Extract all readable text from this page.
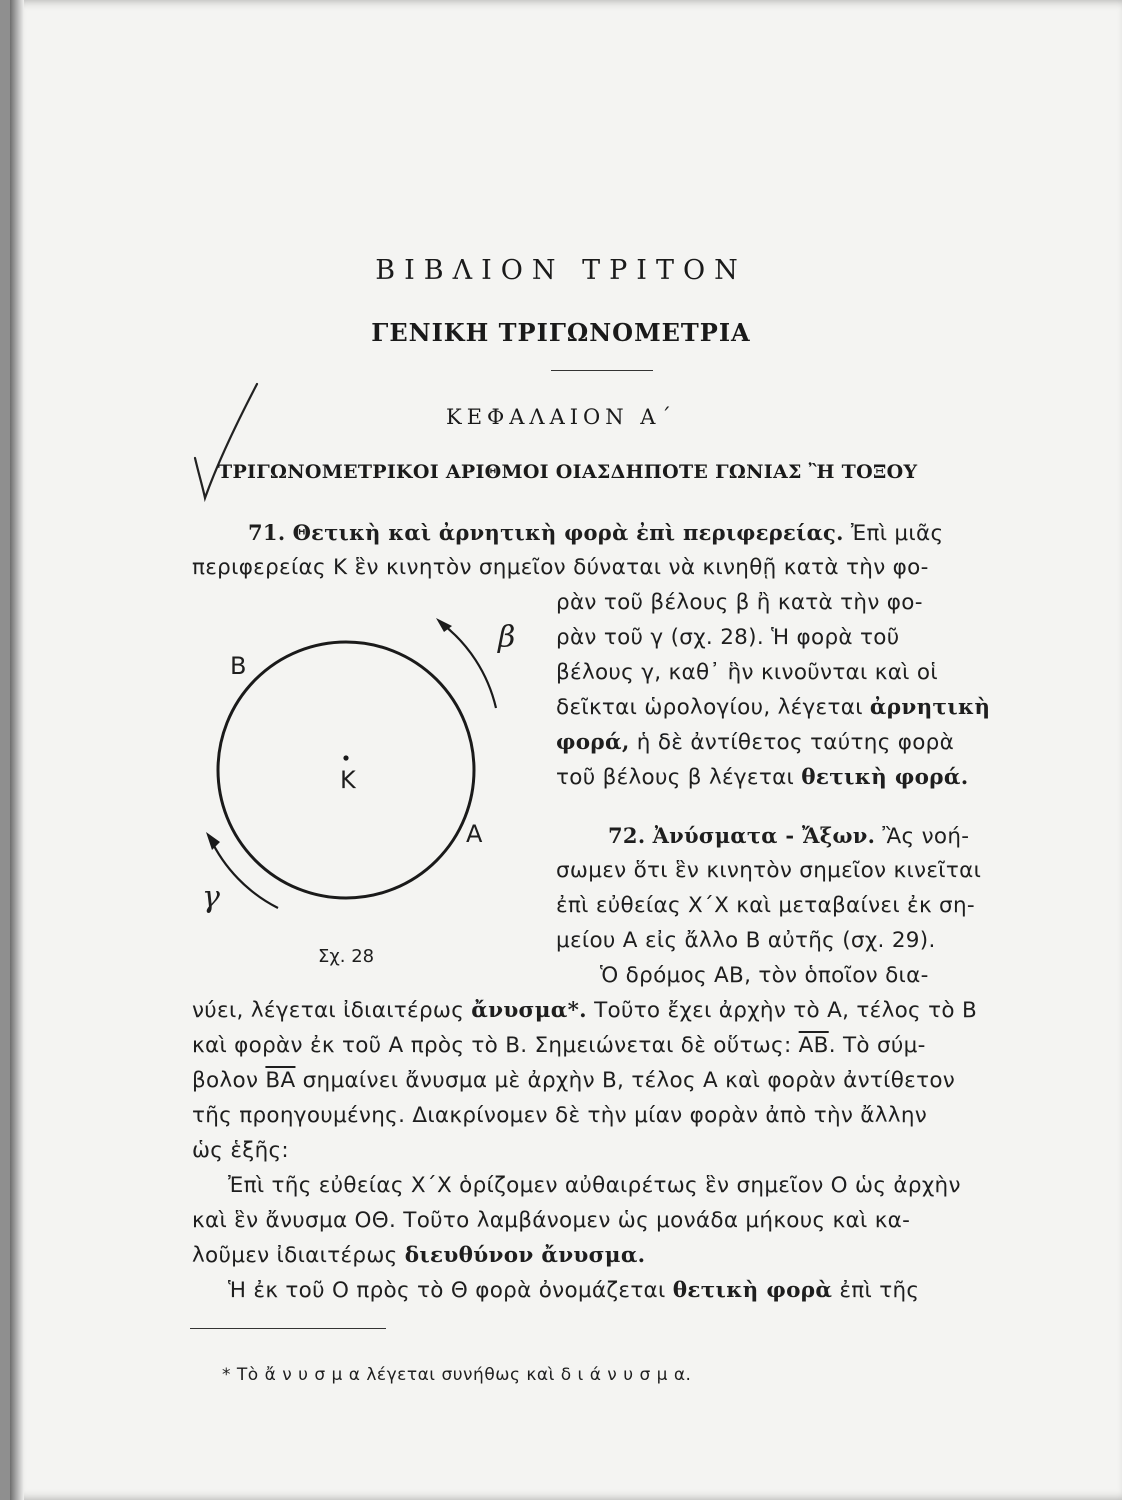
ΒΙΒΛΙΟΝ ΤΡΙΤΟΝ
ΓΕΝΙΚΗ ΤΡΙΓΩΝΟΜΕΤΡΙΑ
ΚΕΦΑΛΑΙΟΝ Α΄
ΤΡΙΓΩΝΟΜΕΤΡΙΚΟΙ ΑΡΙΘΜΟΙ ΟΙΑΣΔΗΠΟΤΕ ΓΩΝΙΑΣ Ἢ ΤΟΞΟΥ

71. Θετικὴ καὶ ἀρνητικὴ φορὰ ἐπὶ περιφερείας. Ἐπὶ μιᾶς

περιφερείας Κ ἓν κινητὸν σημεῖον δύναται νὰ κινηθῇ κατὰ τὴν φο-

ρὰν τοῦ βέλους β ἢ κατὰ τὴν φο-

ρὰν τοῦ γ (σχ. 28). Ἡ φορὰ τοῦ

βέλους γ, καθ᾿ ἣν κινοῦνται καὶ οἱ

δεῖκται ὡρολογίου, λέγεται ἀρνητικὴ

φορά, ἡ δὲ ἀντίθετος ταύτης φορὰ

τοῦ βέλους β λέγεται θετικὴ φορά.

Β
Κ
Α
β
γ
Σχ. 28

72. Ἀνύσματα - Ἄξων. Ἂς νοή-

σωμεν ὅτι ἓν κινητὸν σημεῖον κινεῖται

ἐπὶ εὐθείας Χ΄Χ καὶ μεταβαίνει ἐκ ση-

μείου Α εἰς ἄλλο Β αὐτῆς (σχ. 29).

Ὁ δρόμος ΑΒ, τὸν ὁποῖον δια-

νύει, λέγεται ἰδιαιτέρως ἄνυσμα*. Τοῦτο ἔχει ἀρχὴν τὸ Α, τέλος τὸ Β

καὶ φορὰν ἐκ τοῦ Α πρὸς τὸ Β. Σημειώνεται δὲ οὕτως: $\overline{AB}$. Τὸ σύμ-

βολον $\overline{BA}$ σημαίνει ἄνυσμα μὲ ἀρχὴν Β, τέλος Α καὶ φορὰν ἀντίθετον

τῆς προηγουμένης. Διακρίνομεν δὲ τὴν μίαν φορὰν ἀπὸ τὴν ἄλλην

ὡς ἑξῆς:

Ἐπὶ τῆς εὐθείας Χ΄Χ ὁρίζομεν αὐθαιρέτως ἓν σημεῖον Ο ὡς ἀρχὴν

καὶ ἓν ἄνυσμα ΟΘ. Τοῦτο λαμβάνομεν ὡς μονάδα μήκους καὶ κα-

λοῦμεν ἰδιαιτέρως διευθύνον ἄνυσμα.

Ἡ ἐκ τοῦ Ο πρὸς τὸ Θ φορὰ ὀνομάζεται θετικὴ φορὰ ἐπὶ τῆς

* Τὸ ἄ ν υ σ μ α λέγεται συνήθως καὶ δ ι ά ν υ σ μ α.
